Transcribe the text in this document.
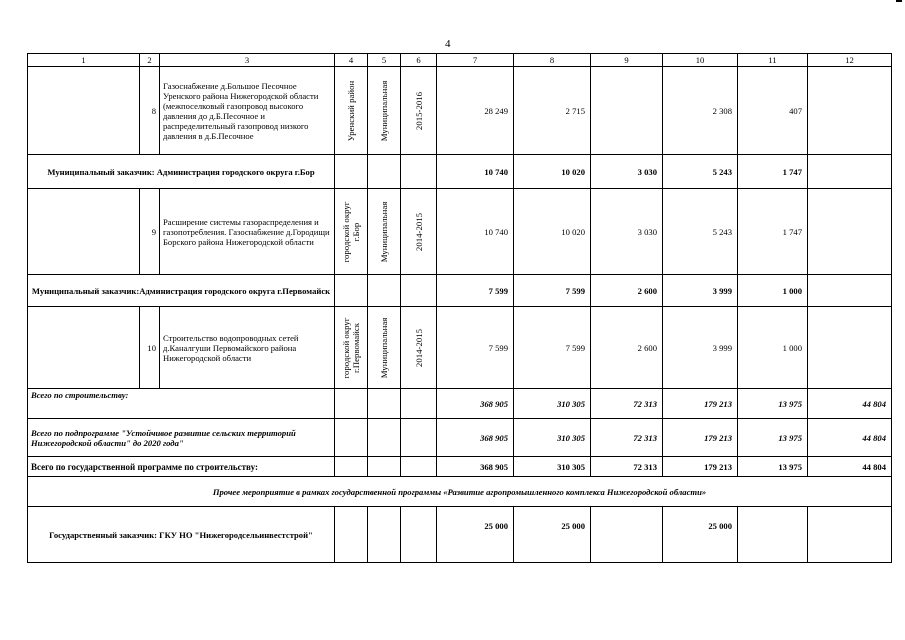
4
1	2	3	4	5	6	7	8	9	10	11	12
	8	Газоснабжение д.Большое Песочное Уренского района Нижегородской области (межпоселковый газопровод высокого давления до д.Б.Песочное и распределительный газопровод низкого давления в д.Б.Песочное	Уренский район	Муниципальная	2015-2016	28 249	2 715		2 308	407	
Муниципальный заказчик: Администрация городского округа г.Бор						10 740	10 020	3 030	5 243	1 747	
	9	Расширение системы газораспределения и газопотребления. Газоснабжение д.Городищи Борского района Нижегородской области	городской округ г.Бор	Муниципальная	2014-2015	10 740	10 020	3 030	5 243	1 747	
Муниципальный заказчик:Администрация городского округа г.Первомайск						7 599	7 599	2 600	3 999	1 000	
	10	Строительство водопроводных сетей д.Каналгуши Первомайского района Нижегородской области	городской округ г.Первомайск	Муниципальная	2014-2015	7 599	7 599	2 600	3 999	1 000	
Всего по строительству:						368 905	310 305	72 313	179 213	13 975	44 804
Всего по подпрограмме "Устойчивое развитие сельских территорий Нижегородской области" до 2020 года"						368 905	310 305	72 313	179 213	13 975	44 804
Всего по государственной программе по строительству:						368 905	310 305	72 313	179 213	13 975	44 804
Прочее мероприятие в рамках государственной программы «Развитие агропромышленного комплекса Нижегородской области»											
Государственный заказчик: ГКУ НО "Нижегородсельинвестстрой"						25 000	25 000		25 000		
